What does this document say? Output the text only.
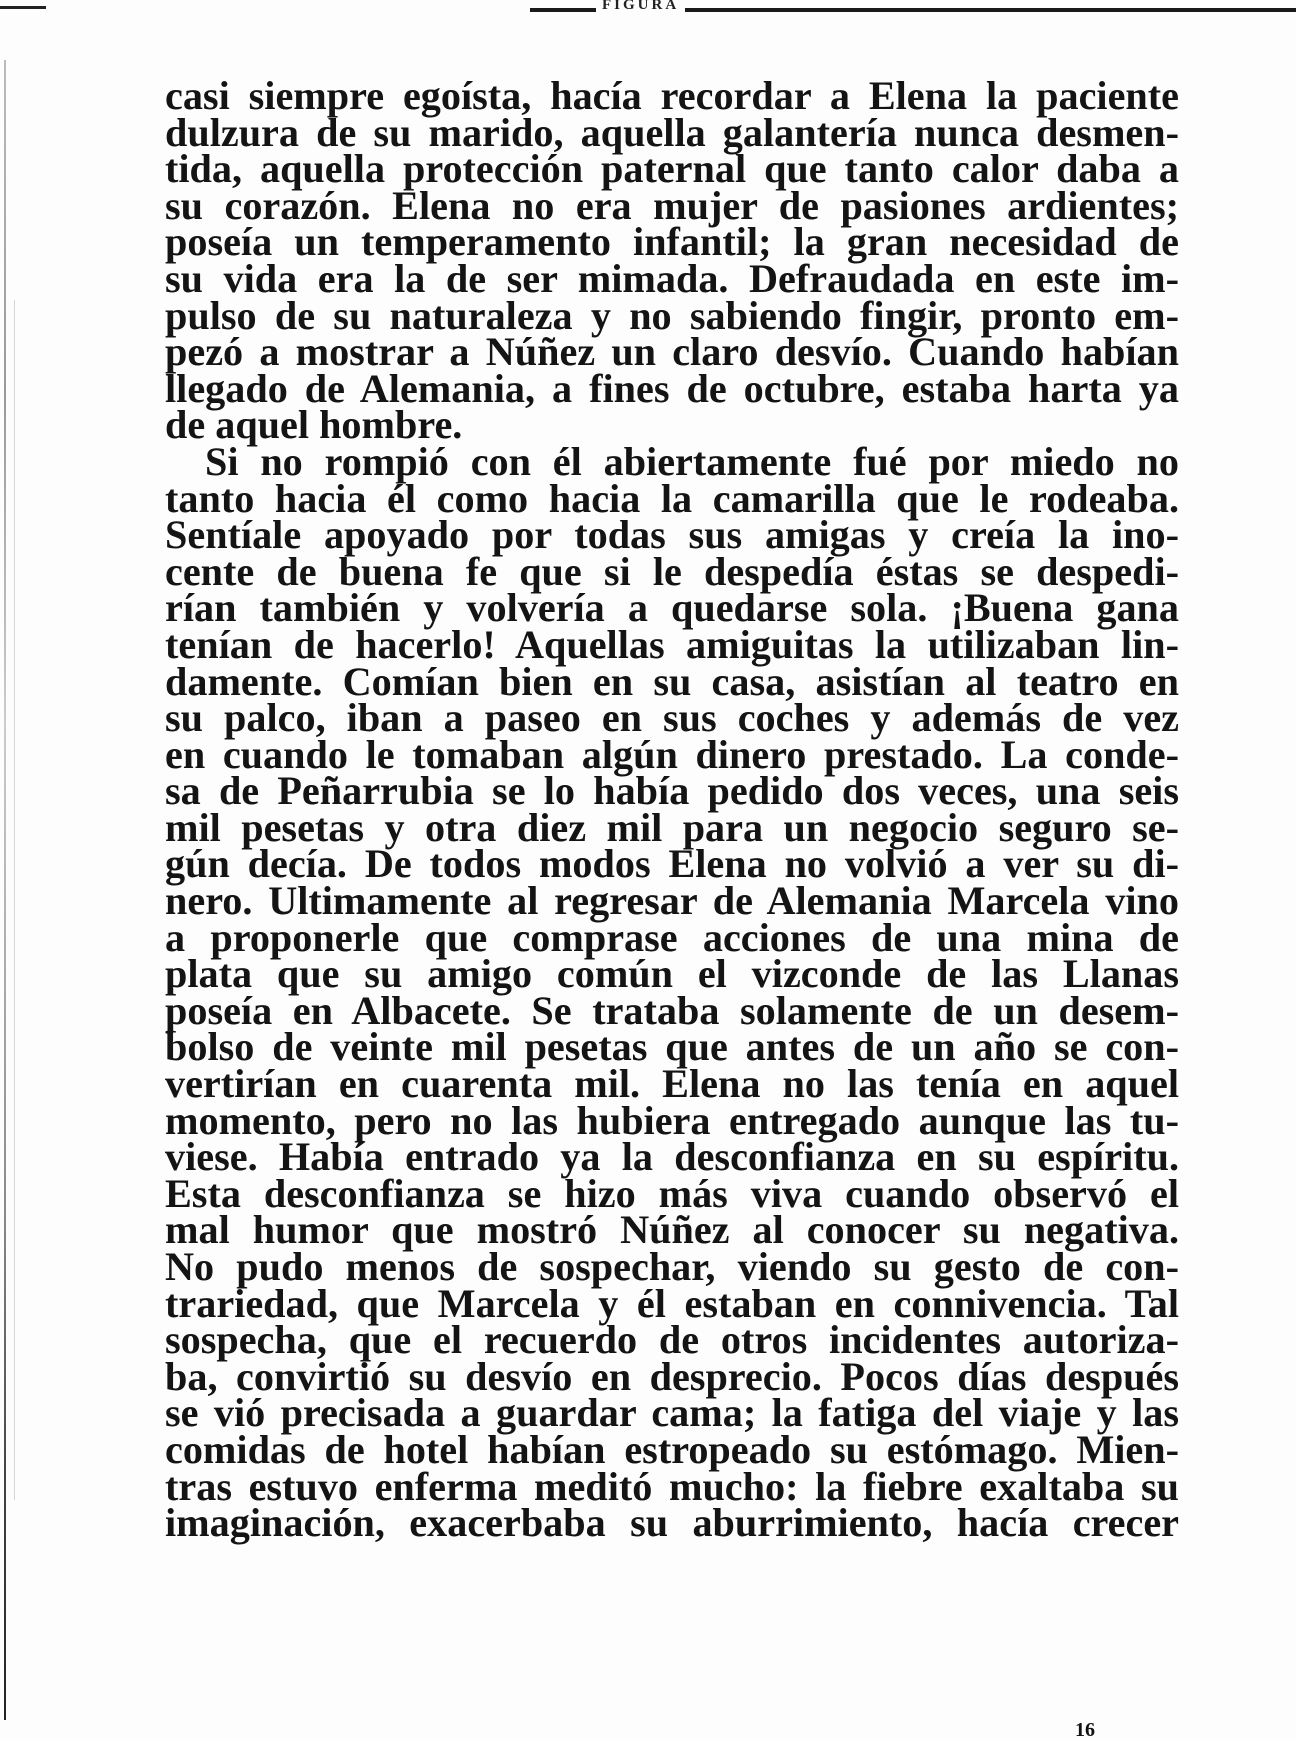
FIGURA
casi siempre egoísta, hacía recordar a Elena la paciente
dulzura de su marido, aquella galantería nunca desmen-
tida, aquella protección paternal que tanto calor daba a
su corazón. Elena no era mujer de pasiones ardientes;
poseía un temperamento infantil; la gran necesidad de
su vida era la de ser mimada. Defraudada en este im-
pulso de su naturaleza y no sabiendo fingir, pronto em-
pezó a mostrar a Núñez un claro desvío. Cuando habían
llegado de Alemania, a fines de octubre, estaba harta ya
de aquel hombre.
Si no rompió con él abiertamente fué por miedo no
tanto hacia él como hacia la camarilla que le rodeaba.
Sentíale apoyado por todas sus amigas y creía la ino-
cente de buena fe que si le despedía éstas se despedi-
rían también y volvería a quedarse sola. ¡Buena gana
tenían de hacerlo! Aquellas amiguitas la utilizaban lin-
damente. Comían bien en su casa, asistían al teatro en
su palco, iban a paseo en sus coches y además de vez
en cuando le tomaban algún dinero prestado. La conde-
sa de Peñarrubia se lo había pedido dos veces, una seis
mil pesetas y otra diez mil para un negocio seguro se-
gún decía. De todos modos Elena no volvió a ver su di-
nero. Ultimamente al regresar de Alemania Marcela vino
a proponerle que comprase acciones de una mina de
plata que su amigo común el vizconde de las Llanas
poseía en Albacete. Se trataba solamente de un desem-
bolso de veinte mil pesetas que antes de un año se con-
vertirían en cuarenta mil. Elena no las tenía en aquel
momento, pero no las hubiera entregado aunque las tu-
viese. Había entrado ya la desconfianza en su espíritu.
Esta desconfianza se hizo más viva cuando observó el
mal humor que mostró Núñez al conocer su negativa.
No pudo menos de sospechar, viendo su gesto de con-
trariedad, que Marcela y él estaban en connivencia. Tal
sospecha, que el recuerdo de otros incidentes autoriza-
ba, convirtió su desvío en desprecio. Pocos días después
se vió precisada a guardar cama; la fatiga del viaje y las
comidas de hotel habían estropeado su estómago. Mien-
tras estuvo enferma meditó mucho: la fiebre exaltaba su
imaginación, exacerbaba su aburrimiento, hacía crecer
16
